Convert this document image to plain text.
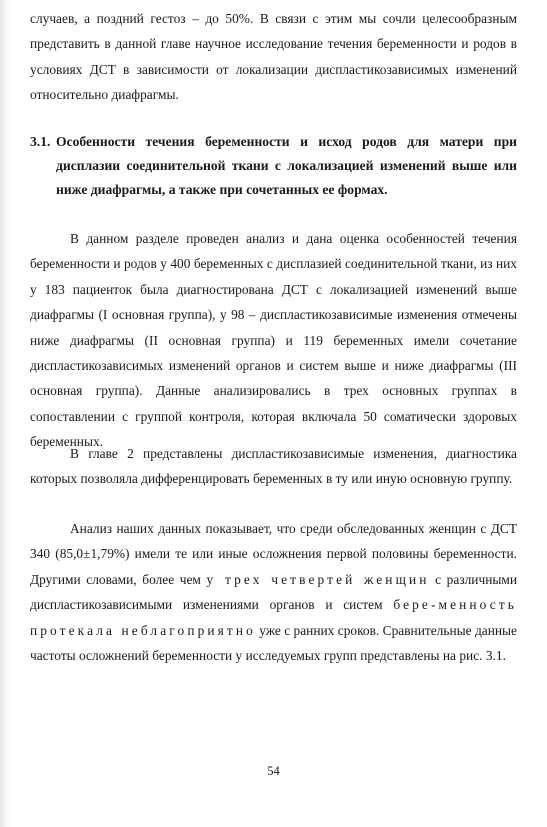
случаев, а поздний гестоз – до 50%. В связи с этим мы сочли целесообразным представить в данной главе научное исследование течения беременности и родов в условиях ДСТ в зависимости от локализации диспластикозависимых изменений относительно диафрагмы.

3.1. Особенности течения беременности и исход родов для матери при дисплазии соединительной ткани с локализацией изменений выше или ниже диафрагмы, а также при сочетанных ее формах.

В данном разделе проведен анализ и дана оценка особенностей течения беременности и родов у 400 беременных с дисплазией соединительной ткани, из них у 183 пациенток была диагностирована ДСТ с локализацией изменений выше диафрагмы (I основная группа), у 98 – диспластикозависимые изменения отмечены ниже диафрагмы (II основная группа) и 119 беременных имели сочетание диспластикозависимых изменений органов и систем выше и ниже диафрагмы (III основная группа). Данные анализировались в трех основных группах в сопоставлении с группой контроля, которая включала 50 соматически здоровых беременных.

В главе 2 представлены диспластикозависимые изменения, диагностика которых позволяла дифференцировать беременных в ту или иную основную группу.

Анализ наших данных показывает, что среди обследованных женщин с ДСТ 340 (85,0±1,79%) имели те или иные осложнения первой половины беременности. Другими словами, более чем у трех четвертей женщин с различными диспластикозависимыми изменениями органов и систем бере-менность протекала неблагоприятно уже с ранних сроков. Сравнительные данные частоты осложнений беременности у исследуемых групп представлены на рис. 3.1.

54
